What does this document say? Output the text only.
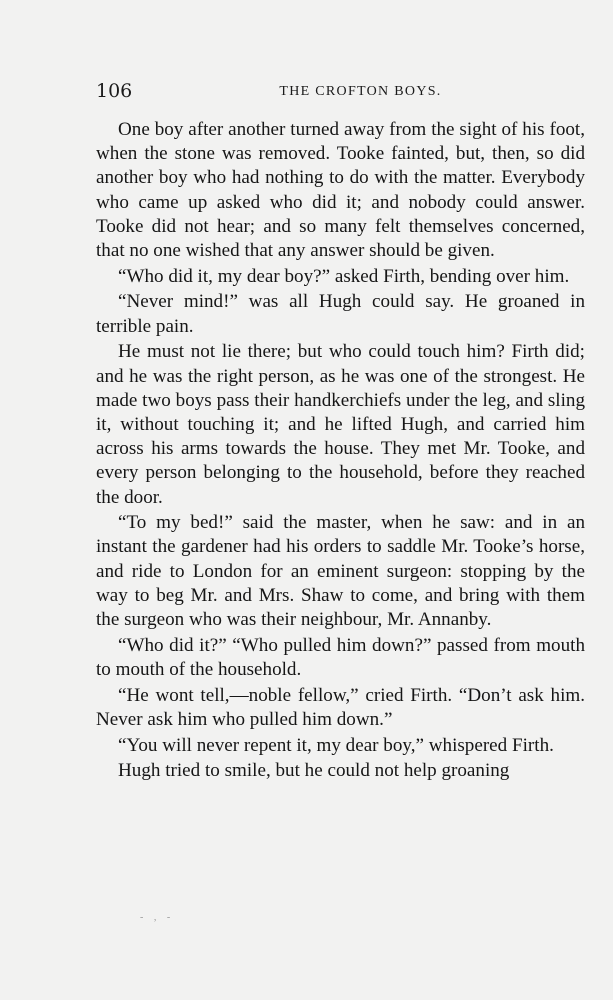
106	THE CROFTON BOYS.

One boy after another turned away from the sight of his foot, when the stone was removed. Tooke fainted, but, then, so did another boy who had nothing to do with the matter. Everybody who came up asked who did it; and nobody could answer. Tooke did not hear; and so many felt themselves concerned, that no one wished that any answer should be given.

“Who did it, my dear boy?” asked Firth, bending over him.

“Never mind!” was all Hugh could say. He groaned in terrible pain.

He must not lie there; but who could touch him? Firth did; and he was the right person, as he was one of the strongest. He made two boys pass their handkerchiefs under the leg, and sling it, without touching it; and he lifted Hugh, and carried him across his arms towards the house. They met Mr. Tooke, and every person belonging to the household, before they reached the door.

“To my bed!” said the master, when he saw: and in an instant the gardener had his orders to saddle Mr. Tooke’s horse, and ride to London for an eminent surgeon: stopping by the way to beg Mr. and Mrs. Shaw to come, and bring with them the surgeon who was their neighbour, Mr. Annanby.

“Who did it?” “Who pulled him down?” passed from mouth to mouth of the household.

“He wont tell,—noble fellow,” cried Firth. “Don’t ask him. Never ask him who pulled him down.”

“You will never repent it, my dear boy,” whispered Firth.

Hugh tried to smile, but he could not help groaning

- , -
